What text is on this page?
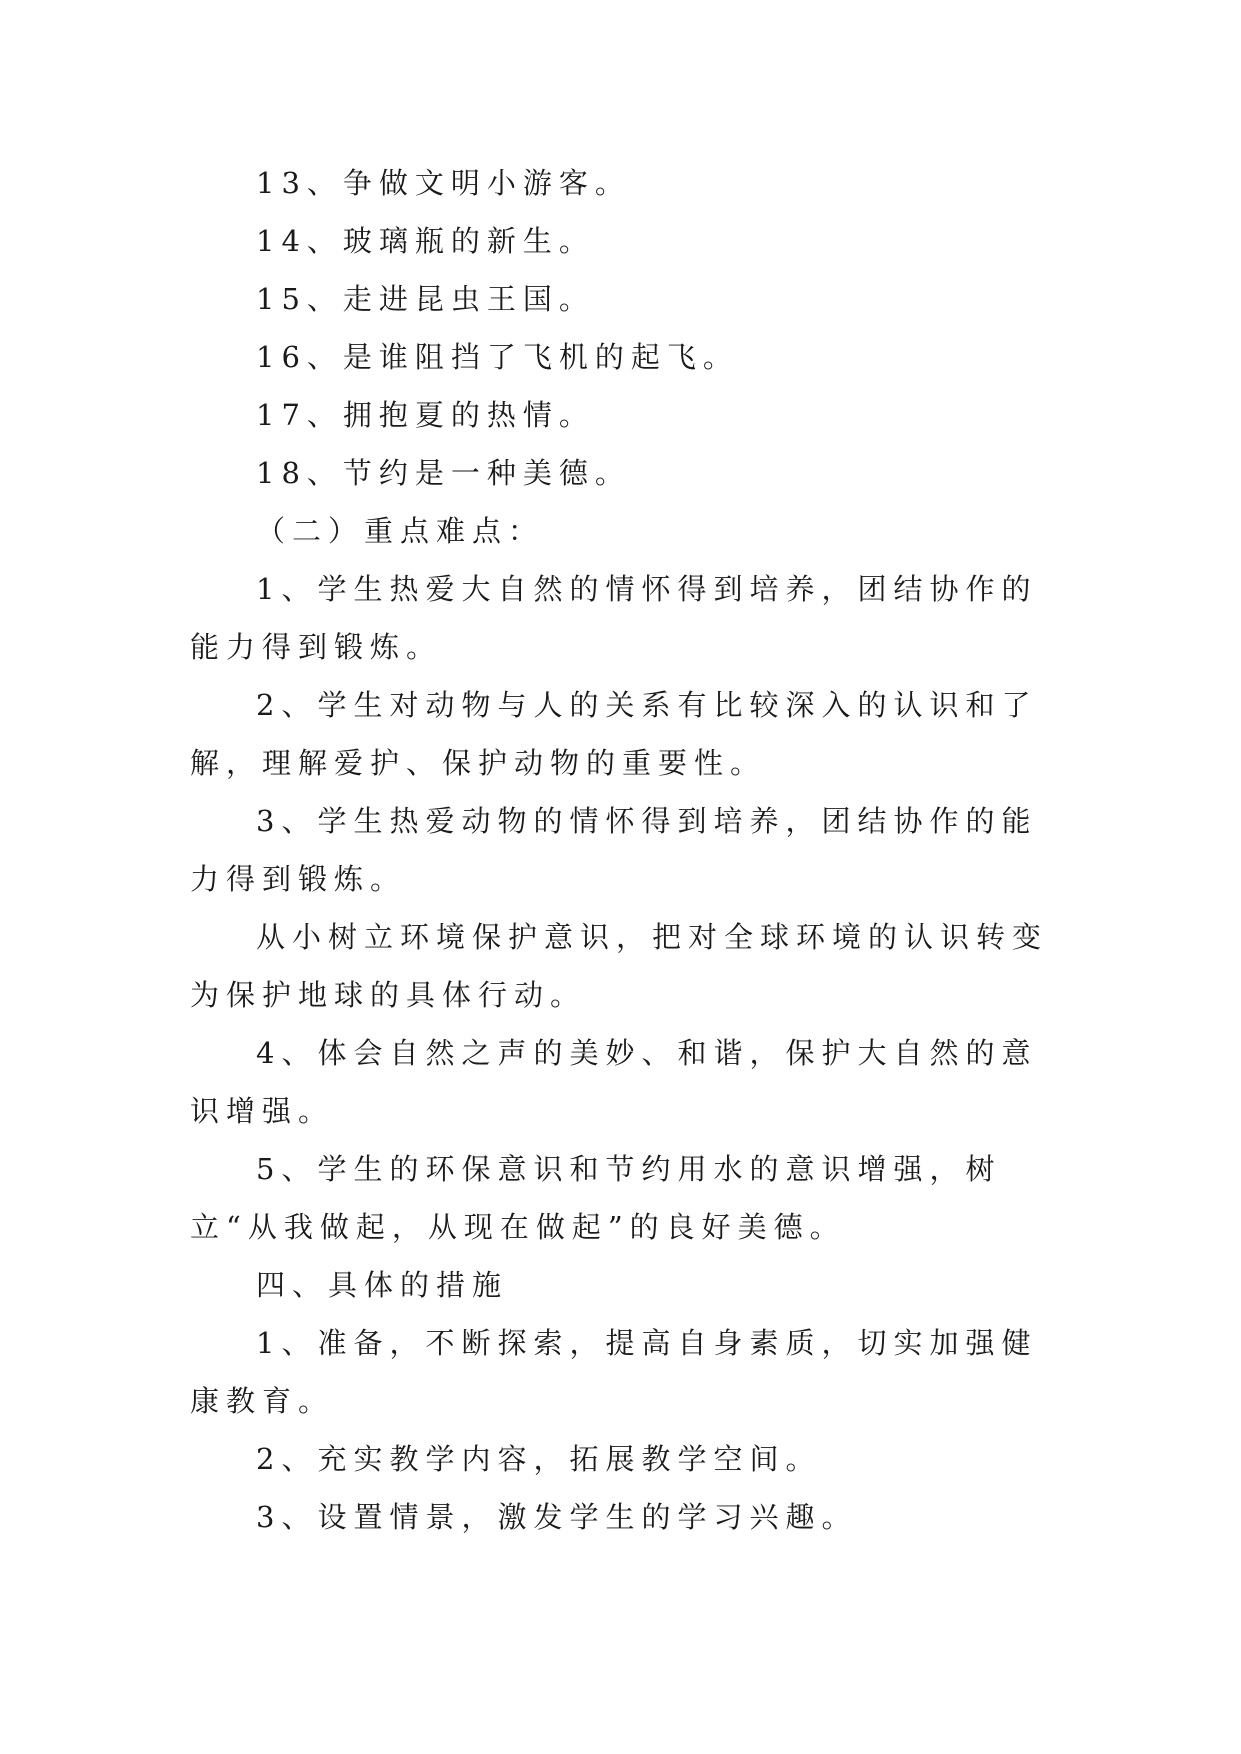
13、争做文明小游客。

14、玻璃瓶的新生。

15、走进昆虫王国。

16、是谁阻挡了飞机的起飞。

17、拥抱夏的热情。

18、节约是一种美德。

（二）重点难点：

1、学生热爱大自然的情怀得到培养，团结协作的能力得到锻炼。

2、学生对动物与人的关系有比较深入的认识和了解，理解爱护、保护动物的重要性。

3、学生热爱动物的情怀得到培养，团结协作的能力得到锻炼。

从小树立环境保护意识，把对全球环境的认识转变为保护地球的具体行动。

4、体会自然之声的美妙、和谐，保护大自然的意识增强。

5、学生的环保意识和节约用水的意识增强，树立“从我做起，从现在做起”的良好美德。

四、具体的措施

1、准备，不断探索，提高自身素质，切实加强健康教育。

2、充实教学内容，拓展教学空间。

3、设置情景，激发学生的学习兴趣。
